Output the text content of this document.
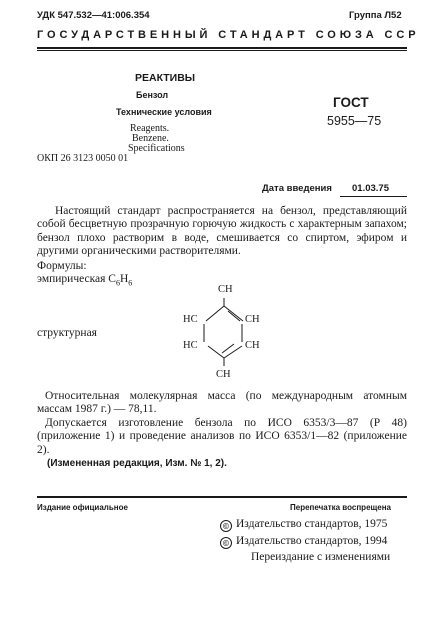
УДК 547.532—41:006.354	Группа Л52
ГОСУДАРСТВЕННЫЙ СТАНДАРТ СОЮЗА ССР
РЕАКТИВЫ
Бензол
Технические условия
Reagents.
Benzene.
Specifications
ОКП 26 3123 0050 01
ГОСТ
5955—75
Дата введения 01.03.75

Настоящий стандарт распространяется на бензол, представляющий собой бесцветную прозрачную горючую жидкость с характерным запахом; бензол плохо растворим в воде, смешивается со спиртом, эфиром и другими органическими растворителями.

Формулы:
эмпирическая $C_6H_6$
структурная
CH
HC
HC
CH
CH
CH

Относительная молекулярная масса (по международным атомным массам 1987 г.) — 78,11.

Допускается изготовление бензола по ИСО 6353/3—87 (Р 48) (приложение 1) и проведение анализов по ИСО 6353/1—82 (приложение 2).

(Измененная редакция, Изм. № 1, 2).
Издание официальное	Перепечатка воспрещена
© Издательство стандартов, 1975
© Издательство стандартов, 1994
Переиздание с изменениями
